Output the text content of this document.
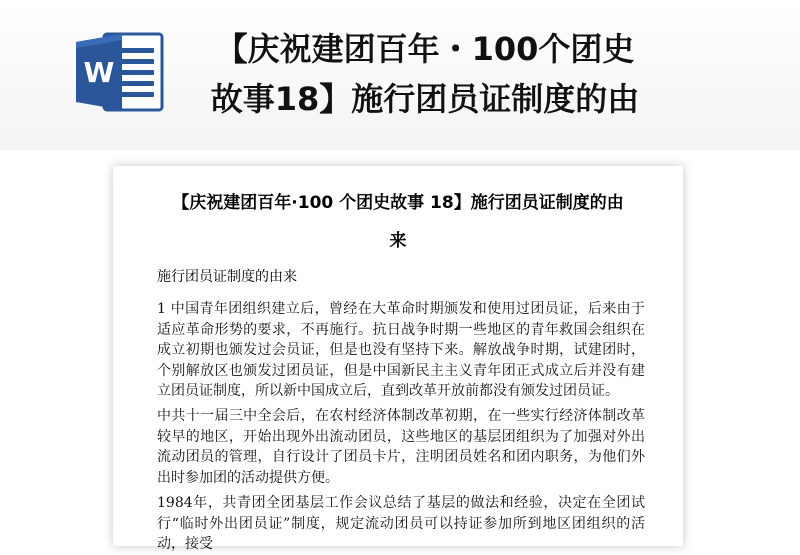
W
【庆祝建团百年・100个团史
故事18】施行团员证制度的由
【庆祝建团百年·100 个团史故事 18】施行团员证制度的由
来
施行团员证制度的由来
1 中国青年团组织建立后，曾经在大革命时期颁发和使用过团员证，后来由于适应革命形势的要求，不再施行。抗日战争时期一些地区的青年救国会组织在成立初期也颁发过会员证，但是也没有坚持下来。解放战争时期，试建团时，个别解放区也颁发过团员证，但是中国新民主主义青年团正式成立后并没有建立团员证制度，所以新中国成立后，直到改革开放前都没有颁发过团员证。
中共十一届三中全会后，在农村经济体制改革初期，在一些实行经济体制改革较早的地区，开始出现外出流动团员，这些地区的基层团组织为了加强对外出流动团员的管理，自行设计了团员卡片，注明团员姓名和团内职务，为他们外出时参加团的活动提供方便。
1984年，共青团全团基层工作会议总结了基层的做法和经验，决定在全团试行“临时外出团员证”制度，规定流动团员可以持证参加所到地区团组织的活动，接受
